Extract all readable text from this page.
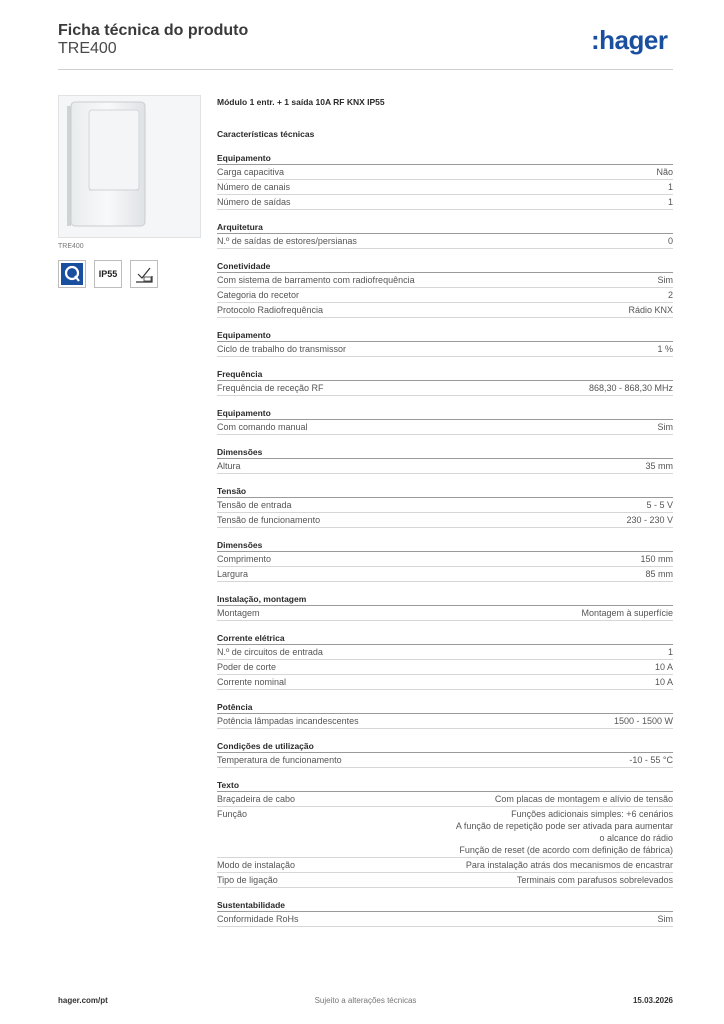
Ficha técnica do produto
TRE400	:hager
TRE400
IP55
Módulo 1 entr. + 1 saída 10A RF KNX IP55
Características técnicas
Equipamento
Carga capacitiva	Não
Número de canais	1
Número de saídas	1
Arquitetura
N.º de saídas de estores/persianas	0
Conetividade
Com sistema de barramento com radiofrequência	Sim
Categoria do recetor	2
Protocolo Radiofrequência	Rádio KNX
Equipamento
Ciclo de trabalho do transmissor	1 %
Frequência
Frequência de receção RF	868,30 - 868,30 MHz
Equipamento
Com comando manual	Sim
Dimensões
Altura	35 mm
Tensão
Tensão de entrada	5 - 5 V
Tensão de funcionamento	230 - 230 V
Dimensões
Comprimento	150 mm
Largura	85 mm
Instalação, montagem
Montagem	Montagem à superfície
Corrente elétrica
N.º de circuitos de entrada	1
Poder de corte	10 A
Corrente nominal	10 A
Potência
Potência lâmpadas incandescentes	1500 - 1500 W
Condições de utilização
Temperatura de funcionamento	-10 - 55 °C
Texto
Braçadeira de cabo	Com placas de montagem e alívio de tensão
Função	Funções adicionais simples: +6 cenários
A função de repetição pode ser ativada para aumentar
o alcance do rádio
Função de reset (de acordo com definição de fábrica)
Modo de instalação	Para instalação atrás dos mecanismos de encastrar
Tipo de ligação	Terminais com parafusos sobrelevados
Sustentabilidade
Conformidade RoHs	Sim
hager.com/pt	Sujeito a alterações técnicas	15.03.2026
